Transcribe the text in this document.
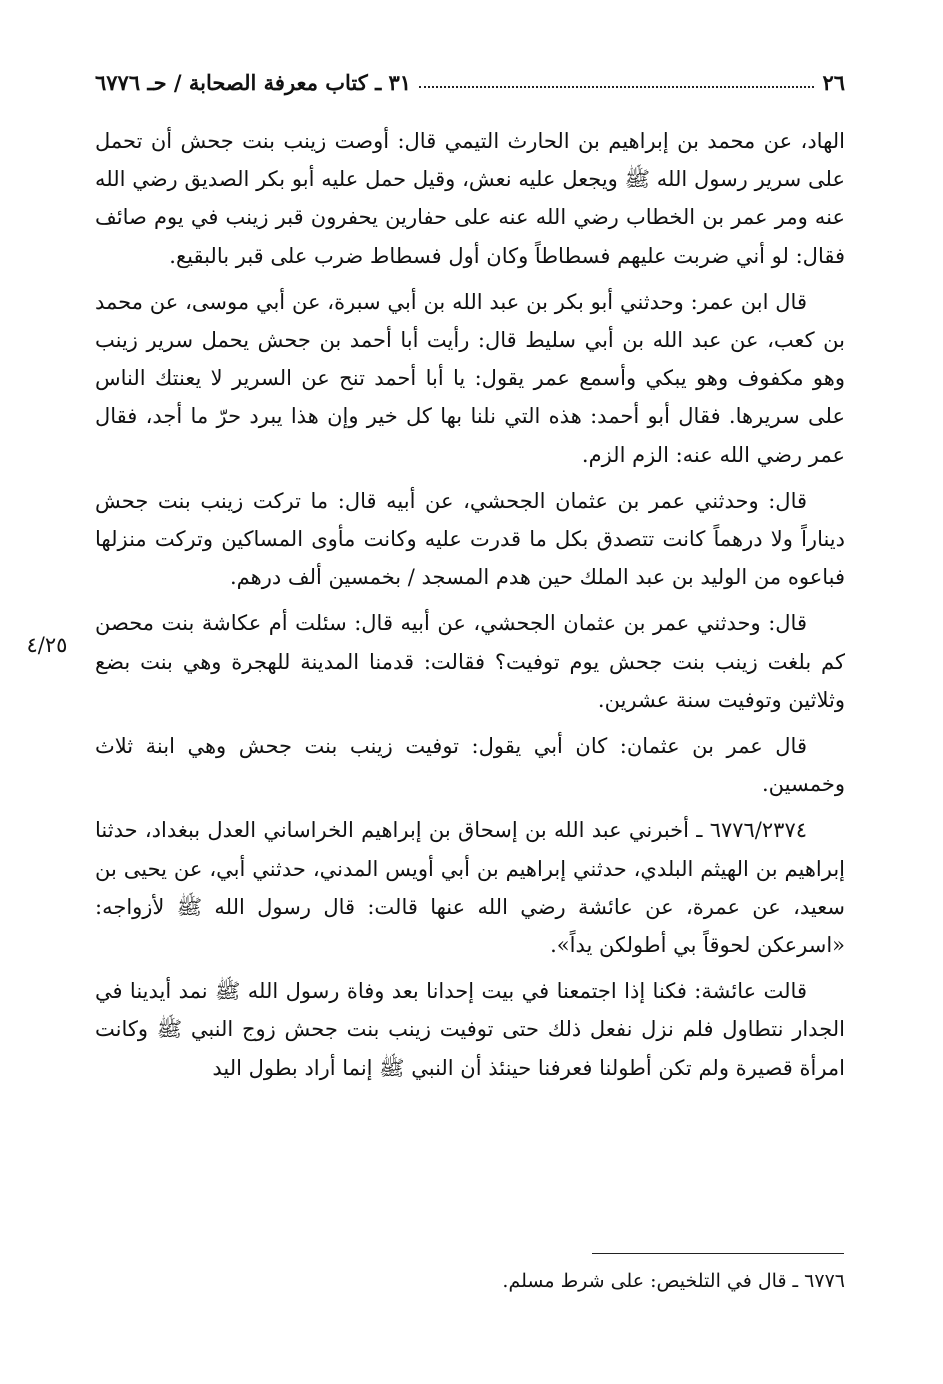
٢٦
٣١ ـ كتاب معرفة الصحابة / حـ ٦٧٧٦

الهاد، عن محمد بن إبراهيم بن الحارث التيمي قال: أوصت زينب بنت جحش أن تحمل على سرير رسول الله ﷺ ويجعل عليه نعش، وقيل حمل عليه أبو بكر الصديق رضي الله عنه ومر عمر بن الخطاب رضي الله عنه على حفارين يحفرون قبر زينب في يوم صائف فقال: لو أني ضربت عليهم فسطاطاً وكان أول فسطاط ضرب على قبر بالبقيع.

قال ابن عمر: وحدثني أبو بكر بن عبد الله بن أبي سبرة، عن أبي موسى، عن محمد بن كعب، عن عبد الله بن أبي سليط قال: رأيت أبا أحمد بن جحش يحمل سرير زينب وهو مكفوف وهو يبكي وأسمع عمر يقول: يا أبا أحمد تنح عن السرير لا يعنتك الناس على سريرها. فقال أبو أحمد: هذه التي نلنا بها كل خير وإن هذا يبرد حرّ ما أجد، فقال عمر رضي الله عنه: الزم الزم.

قال: وحدثني عمر بن عثمان الجحشي، عن أبيه قال: ما تركت زينب بنت جحش ديناراً ولا درهماً كانت تتصدق بكل ما قدرت عليه وكانت مأوى المساكين وتركت منزلها فباعوه من الوليد بن عبد الملك حين هدم المسجد / بخمسين ألف درهم.

قال: وحدثني عمر بن عثمان الجحشي، عن أبيه قال: سئلت أم عكاشة بنت محصن كم بلغت زينب بنت جحش يوم توفيت؟ فقالت: قدمنا المدينة للهجرة وهي بنت بضع وثلاثين وتوفيت سنة عشرين.

قال عمر بن عثمان: كان أبي يقول: توفيت زينب بنت جحش وهي ابنة ثلاث وخمسين.

٦٧٧٦/٢٣٧٤ ـ أخبرني عبد الله بن إسحاق بن إبراهيم الخراساني العدل ببغداد، حدثنا إبراهيم بن الهيثم البلدي، حدثني إبراهيم بن أبي أويس المدني، حدثني أبي، عن يحيى بن سعيد، عن عمرة، عن عائشة رضي الله عنها قالت: قال رسول الله ﷺ لأزواجه: «اسرعكن لحوقاً بي أطولكن يداً».

قالت عائشة: فكنا إذا اجتمعنا في بيت إحدانا بعد وفاة رسول الله ﷺ نمد أيدينا في الجدار نتطاول فلم نزل نفعل ذلك حتى توفيت زينب بنت جحش زوج النبي ﷺ وكانت امرأة قصيرة ولم تكن أطولنا فعرفنا حينئذ أن النبي ﷺ إنما أراد بطول اليد

٤/٢٥
٦٧٧٦ ـ قال في التلخيص: على شرط مسلم.
